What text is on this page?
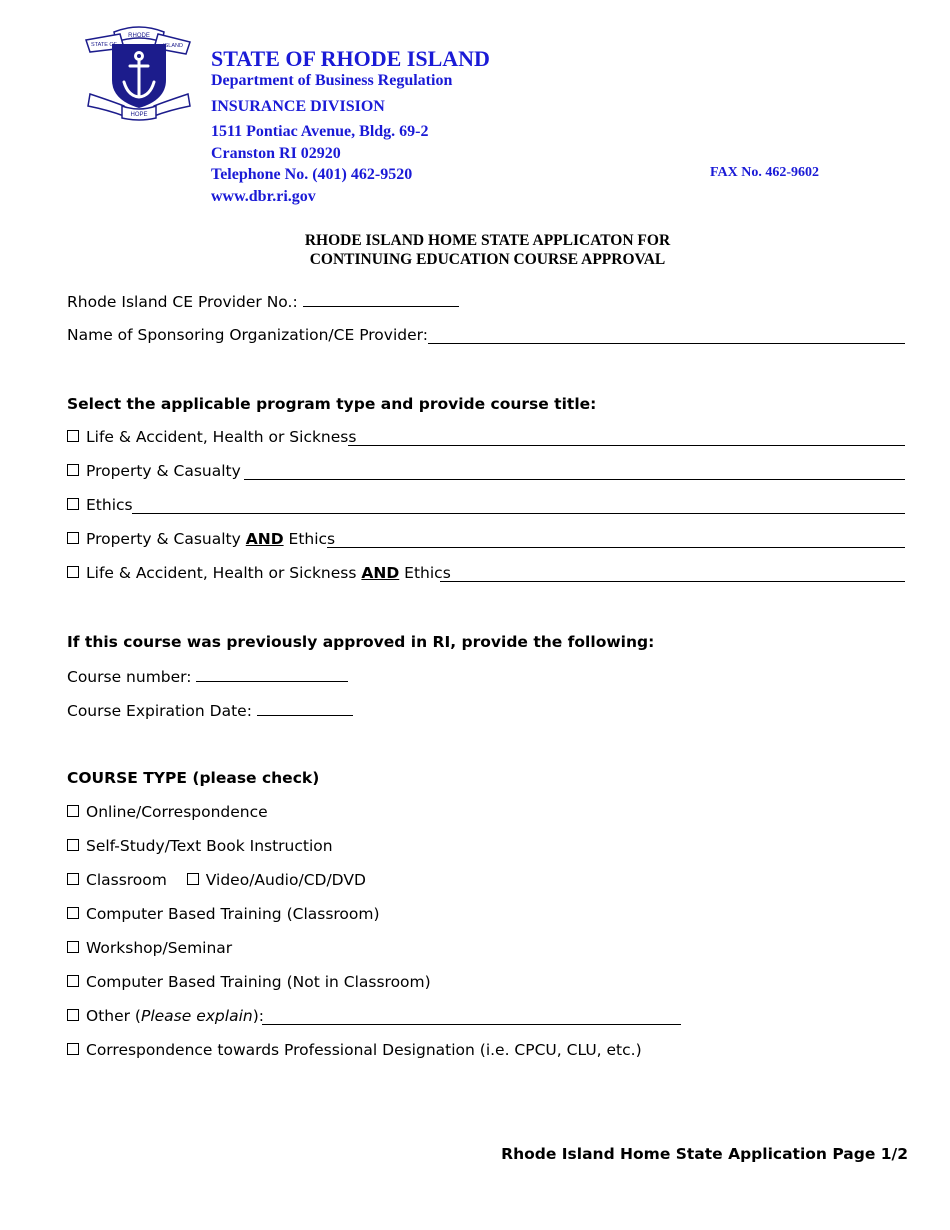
RHODE
STATE OF	ISLAND
HOPE
STATE OF RHODE ISLAND
Department of Business Regulation
INSURANCE DIVISION
1511 Pontiac Avenue, Bldg. 69-2
Cranston RI 02920
Telephone No. (401) 462-9520
www.dbr.ri.gov
FAX No. 462-9602
RHODE ISLAND HOME STATE APPLICATON FOR
CONTINUING EDUCATION COURSE APPROVAL
Rhode Island CE Provider No.:
Name of Sponsoring Organization/CE Provider:
Select the applicable program type and provide course title:
Life & Accident, Health or Sickness
Property & Casualty
Ethics
Property & Casualty AND Ethics
Life & Accident, Health or Sickness AND Ethics
If this course was previously approved in RI, provide the following:
Course number:
Course Expiration Date:
COURSE TYPE (please check)
Online/Correspondence
Self-Study/Text Book Instruction
Classroom	Video/Audio/CD/DVD
Computer Based Training (Classroom)
Workshop/Seminar
Computer Based Training (Not in Classroom)
Other (Please explain):
Correspondence towards Professional Designation (i.e. CPCU, CLU, etc.)
Rhode Island Home State Application Page 1/2
